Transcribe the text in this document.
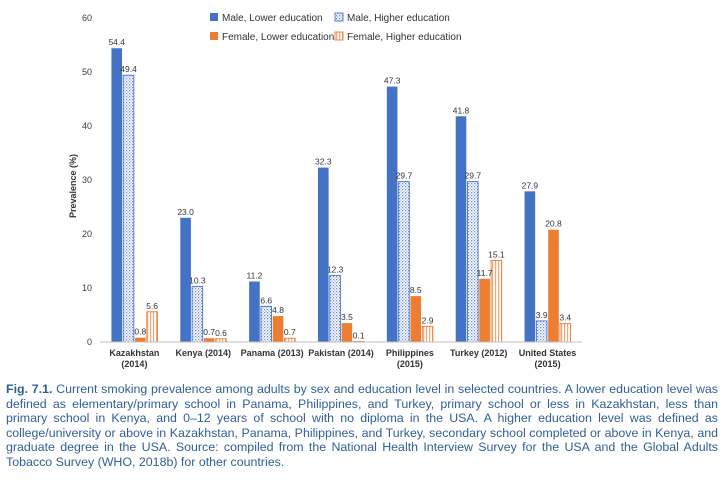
0
10
20
30
40
50
60
54.4
49.4
0.8
5.6
23.0
10.3
0.7 0.6
11.2
6.6
4.8
0.7
32.3
12.3
3.5
0.1
47.3
29.7
8.5
2.9
41.8
29.7
11.7
15.1
27.9
3.9
20.8
3.4
Kazakhstan
(2014)
Kenya (2014) Panama (2013) Pakistan (2014) Philippines
(2015)
Turkey (2012) United States
(2015)
Male, Lower education Male, Higher education
Female, Lower education Female, Higher education
Prevalence (%)
Fig. 7.1. Current smoking prevalence among adults by sex and education level in selected countries. A lower education level was defined as elementary/primary school in Panama, Philippines, and Turkey, primary school or less in Kazakhstan, less than primary school in Kenya, and 0–12 years of school with no diploma in the USA. A higher education level was defined as college/university or above in Kazakhstan, Panama, Philippines, and Turkey, secondary school completed or above in Kenya, and graduate degree in the USA. Source: compiled from the National Health Interview Survey for the USA and the Global Adults Tobacco Survey (WHO, 2018b) for other countries.
